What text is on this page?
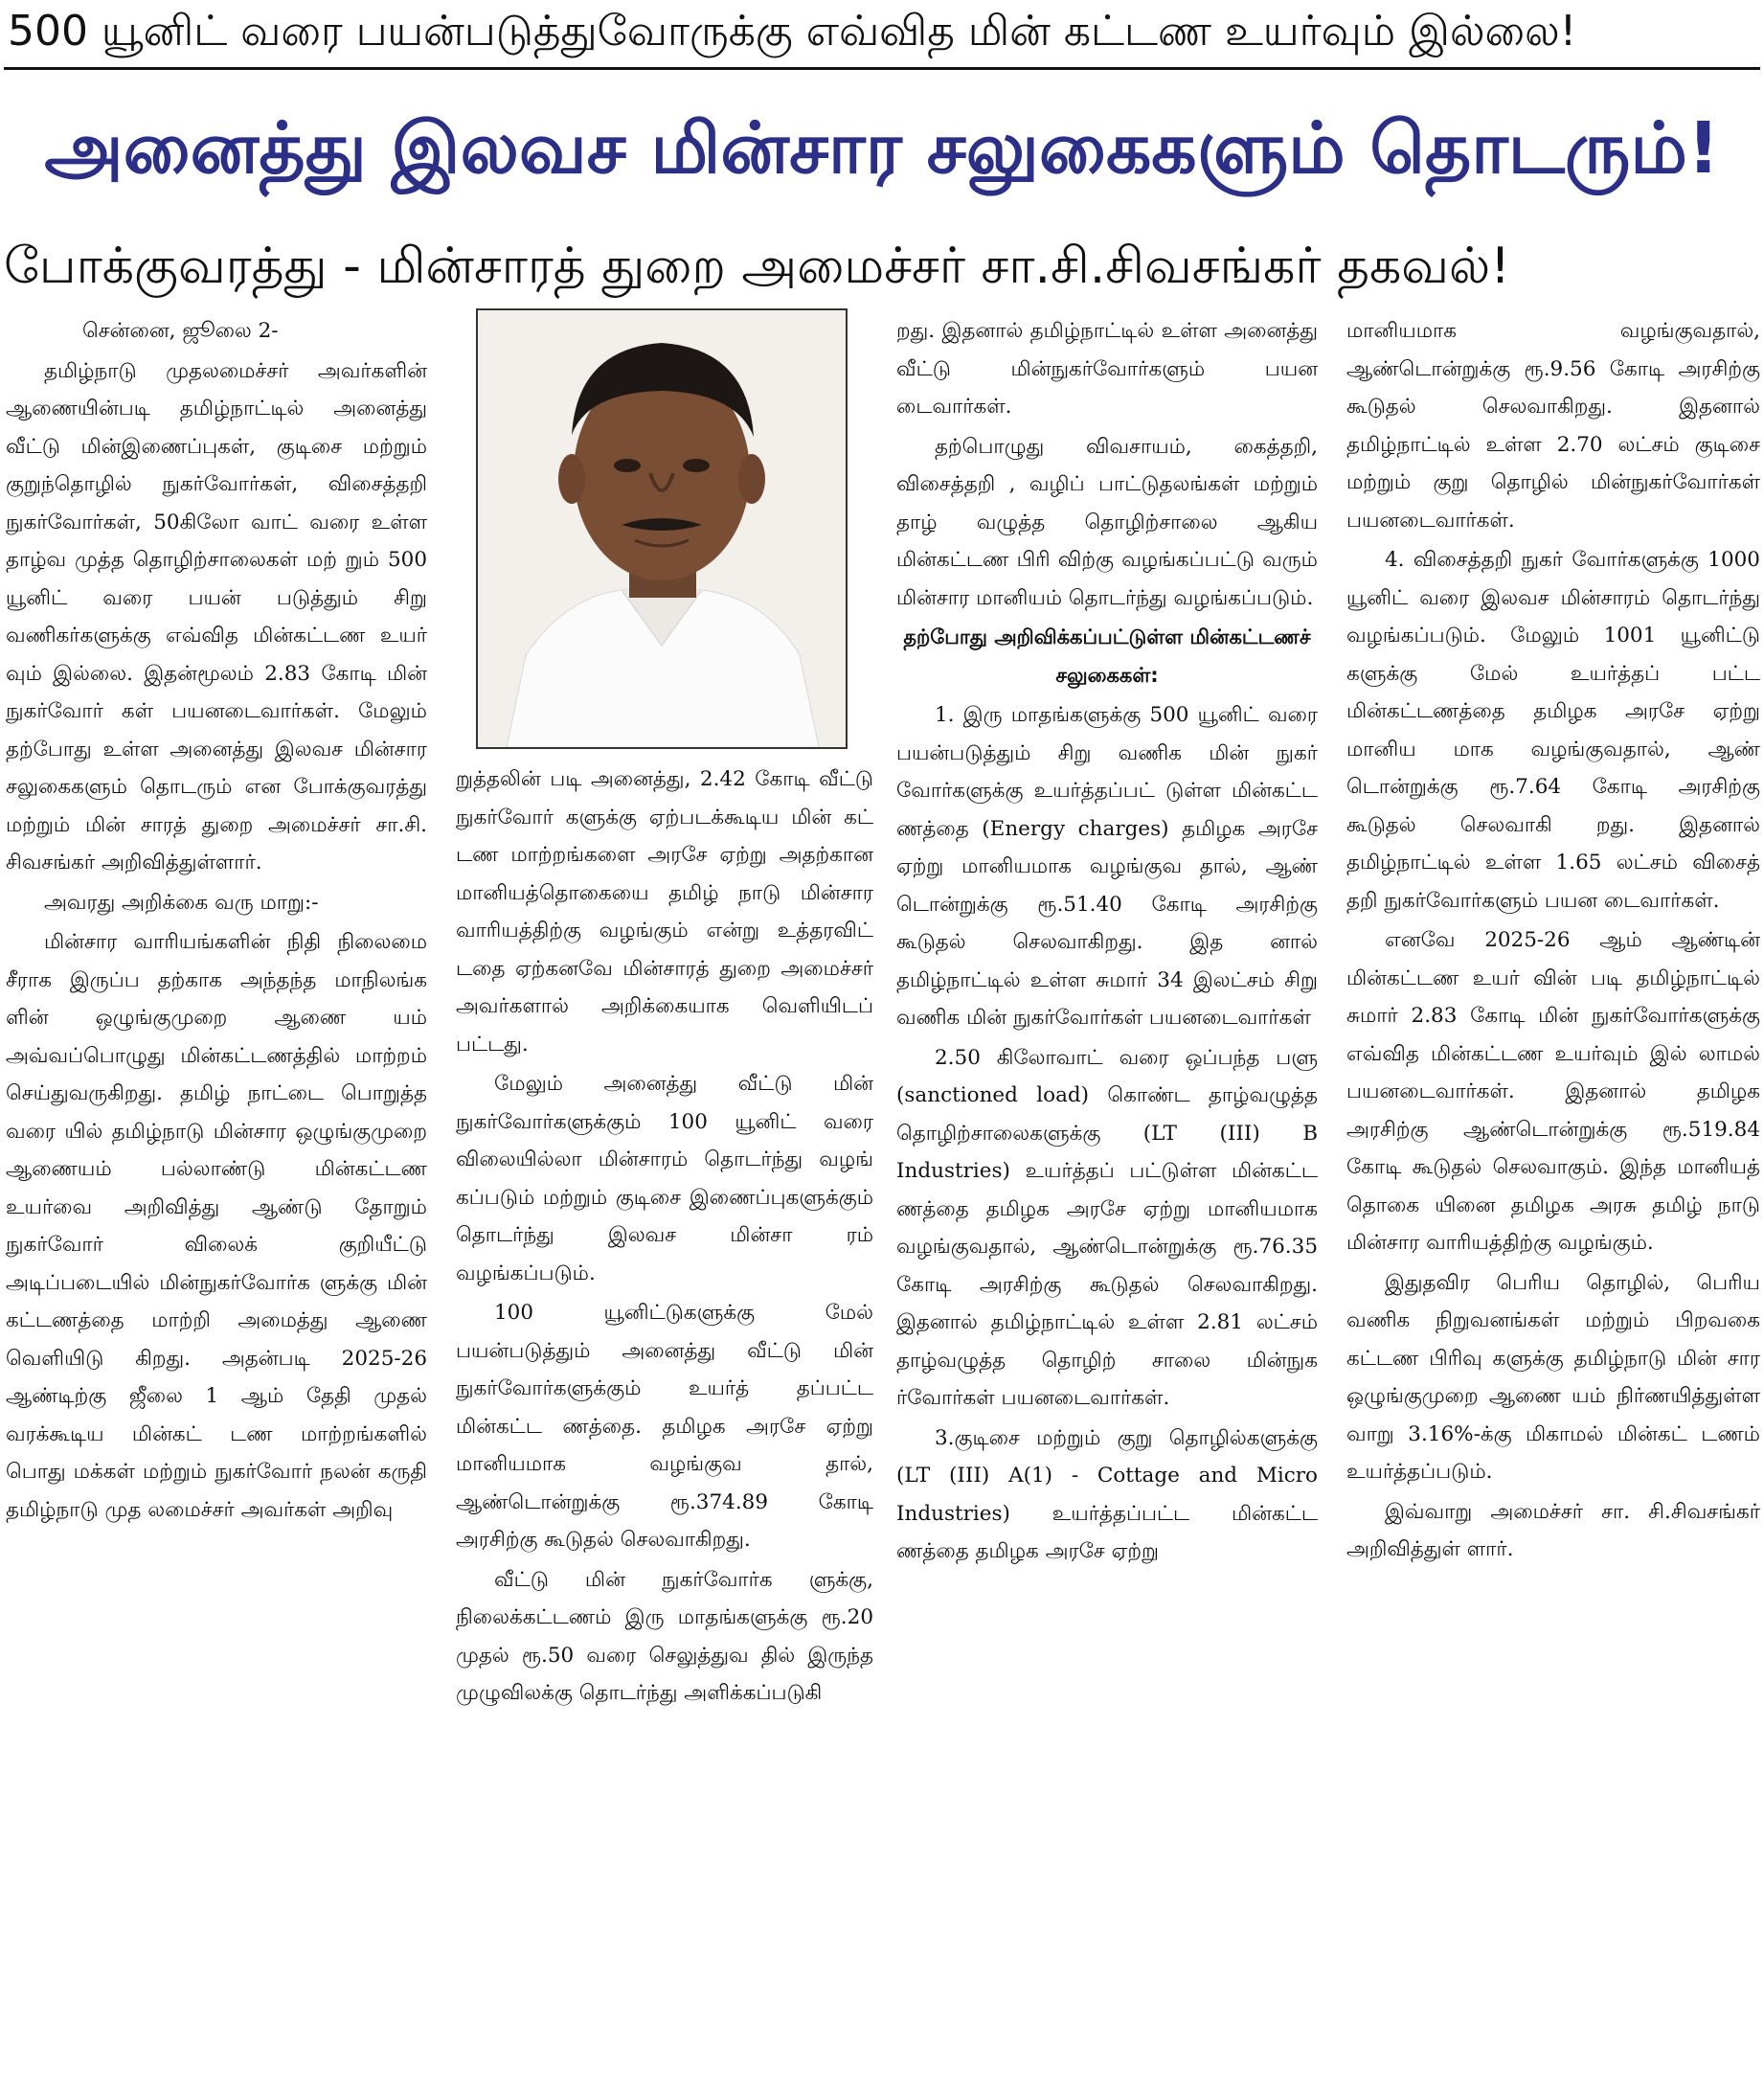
500 யூனிட் வரை பயன்படுத்துவோருக்கு எவ்வித மின் கட்டண உயர்வும் இல்லை!
அனைத்து இலவச மின்சார சலுகைகளும் தொடரும்!
போக்குவரத்து - மின்சாரத் துறை அமைச்சர் சா.சி.சிவசங்கர் தகவல்!

சென்னை, ஜூலை 2-

தமிழ்நாடு முதலமைச்சர் அவர்களின் ஆணையின்படி தமிழ்நாட்டில் அனைத்து வீட்டு மின்இணைப்புகள், குடிசை மற்றும் குறுந்தொழில் நுகர்வோர்கள், விசைத்தறி நுகர்வோர்கள், 50கிலோ வாட் வரை உள்ள தாழ்வ முத்த தொழிற்சாலைகள் மற் றும் 500 யூனிட் வரை பயன் படுத்தும் சிறு வணிகர்களுக்கு எவ்வித மின்கட்டண உயர் வும் இல்லை. இதன்மூலம் 2.83 கோடி மின் நுகர்வோர் கள் பயனடைவார்கள். மேலும் தற்போது உள்ள அனைத்து இலவச மின்சார சலுகைகளும் தொடரும் என போக்குவரத்து மற்றும் மின் சாரத் துறை அமைச்சர் சா.சி. சிவசங்கர் அறிவித்துள்ளார்.

அவரது அறிக்கை வரு மாறு:-

மின்சார வாரியங்களின் நிதி நிலைமை சீராக இருப்ப தற்காக அந்தந்த மாநிலங்க ளின் ஒழுங்குமுறை ஆணை யம் அவ்வப்பொழுது மின்கட்டணத்தில் மாற்றம் செய்துவருகிறது. தமிழ் நாட்டை பொறுத்த வரை யில் தமிழ்நாடு மின்சார ஒழுங்குமுறை ஆணையம் பல்லாண்டு மின்கட்டண உயர்வை அறிவித்து ஆண்டு தோறும் நுகர்வோர் விலைக் குறியீட்டு அடிப்படையில் மின்நுகர்வோர்க ளுக்கு மின் கட்டணத்தை மாற்றி அமைத்து ஆணை வெளியிடு கிறது. அதன்படி 2025-26 ஆண்டிற்கு ஜீலை 1 ஆம் தேதி முதல் வரக்கூடிய மின்கட் டண மாற்றங்களில் பொது மக்கள் மற்றும் நுகர்வோர் நலன் கருதி தமிழ்நாடு முத லமைச்சர் அவர்கள் அறிவு

றுத்தலின் படி அனைத்து, 2.42 கோடி வீட்டு நுகர்வோர் களுக்கு ஏற்படக்கூடிய மின் கட் டண மாற்றங்களை அரசே ஏற்று அதற்கான மானியத்தொகையை தமிழ் நாடு மின்சார வாரியத்திற்கு வழங்கும் என்று உத்தரவிட் டதை ஏற்கனவே மின்சாரத் துறை அமைச்சர் அவர்களால் அறிக்கையாக வெளியிடப் பட்டது.

மேலும் அனைத்து வீட்டு மின் நுகர்வோர்களுக்கும் 100 யூனிட் வரை விலையில்லா மின்சாரம் தொடர்ந்து வழங் கப்படும் மற்றும் குடிசை இணைப்புகளுக்கும் தொடர்ந்து இலவச மின்சா ரம் வழங்கப்படும்.

100 யூனிட்டுகளுக்கு மேல் பயன்படுத்தும் அனைத்து வீட்டு மின் நுகர்வோர்களுக்கும் உயர்த் தப்பட்ட மின்கட்ட ணத்தை. தமிழக அரசே ஏற்று மானியமாக வழங்குவ தால், ஆண்டொன்றுக்கு ரூ.374.89 கோடி அரசிற்கு கூடுதல் செலவாகிறது.

வீட்டு மின் நுகர்வோர்க ளுக்கு, நிலைக்கட்டணம் இரு மாதங்களுக்கு ரூ.20 முதல் ரூ.50 வரை செலுத்துவ தில் இருந்த முழுவிலக்கு தொடர்ந்து அளிக்கப்படுகி

றது. இதனால் தமிழ்நாட்டில் உள்ள அனைத்து வீட்டு மின்நுகர்வோர்களும் பயன டைவார்கள்.

தற்பொழுது விவசாயம், கைத்தறி, விசைத்தறி , வழிப் பாட்டுதலங்கள் மற்றும் தாழ் வழுத்த தொழிற்சாலை ஆகிய மின்கட்டண பிரி விற்கு வழங்கப்பட்டு வரும் மின்சார மானியம் தொடர்ந்து வழங்கப்படும்.

தற்போது அறிவிக்கப்பட்டுள்ள மின்கட்டணச் சலுகைகள்:

1. இரு மாதங்களுக்கு 500 யூனிட் வரை பயன்படுத்தும் சிறு வணிக மின் நுகர் வோர்களுக்கு உயர்த்தப்பட் டுள்ள மின்கட்ட ணத்தை (Energy charges) தமிழக அரசே ஏற்று மானியமாக வழங்குவ தால், ஆண் டொன்றுக்கு ரூ.51.40 கோடி அரசிற்கு கூடுதல் செலவாகிறது. இத னால் தமிழ்நாட்டில் உள்ள சுமார் 34 இலட்சம் சிறு வணிக மின் நுகர்வோர்கள் பயனடைவார்கள்

2.50 கிலோவாட் வரை ஒப்பந்த பளு (sanctioned load) கொண்ட தாழ்வழுத்த தொழிற்சாலைகளுக்கு (LT (III) B Industries) உயர்த்தப் பட்டுள்ள மின்கட்ட ணத்தை தமிழக அரசே ஏற்று மானியமாக வழங்குவதால், ஆண்டொன்றுக்கு ரூ.76.35 கோடி அரசிற்கு கூடுதல் செலவாகிறது. இதனால் தமிழ்நாட்டில் உள்ள 2.81 லட்சம் தாழ்வழுத்த தொழிற் சாலை மின்நுக ர்வோர்கள் பயனடைவார்கள்.

3.குடிசை மற்றும் குறு தொழில்களுக்கு (LT (III) A(1) - Cottage and Micro Industries) உயர்த்தப்பட்ட மின்கட்ட ணத்தை தமிழக அரசே ஏற்று

மானியமாக வழங்குவதால், ஆண்டொன்றுக்கு ரூ.9.56 கோடி அரசிற்கு கூடுதல் செலவாகிறது. இதனால் தமிழ்நாட்டில் உள்ள 2.70 லட்சம் குடிசை மற்றும் குறு தொழில் மின்நுகர்வோர்கள் பயனடைவார்கள்.

4. விசைத்தறி நுகர் வோர்களுக்கு 1000 யூனிட் வரை இலவச மின்சாரம் தொடர்ந்து வழங்கப்படும். மேலும் 1001 யூனிட்டு களுக்கு மேல் உயர்த்தப் பட்ட மின்கட்டணத்தை தமிழக அரசே ஏற்று மானிய மாக வழங்குவதால், ஆண் டொன்றுக்கு ரூ.7.64 கோடி அரசிற்கு கூடுதல் செலவாகி றது. இதனால் தமிழ்நாட்டில் உள்ள 1.65 லட்சம் விசைத் தறி நுகர்வோர்களும் பயன டைவார்கள்.

எனவே 2025-26 ஆம் ஆண்டின் மின்கட்டண உயர் வின் படி தமிழ்நாட்டில் சுமார் 2.83 கோடி மின் நுகர்வோர்களுக்கு எவ்வித மின்கட்டண உயர்வும் இல் லாமல் பயனடைவார்கள். இதனால் தமிழக அரசிற்கு ஆண்டொன்றுக்கு ரூ.519.84 கோடி கூடுதல் செலவாகும். இந்த மானியத் தொகை யினை தமிழக அரசு தமிழ் நாடு மின்சார வாரியத்திற்கு வழங்கும்.

இதுதவிர பெரிய தொழில், பெரிய வணிக நிறுவனங்கள் மற்றும் பிறவகை கட்டண பிரிவு களுக்கு தமிழ்நாடு மின் சார ஒழுங்குமுறை ஆணை யம் நிர்ணயித்துள்ள வாறு 3.16%-க்கு மிகாமல் மின்கட் டணம் உயர்த்தப்படும்.

இவ்வாறு அமைச்சர் சா. சி.சிவசங்கர் அறிவித்துள் ளார்.
